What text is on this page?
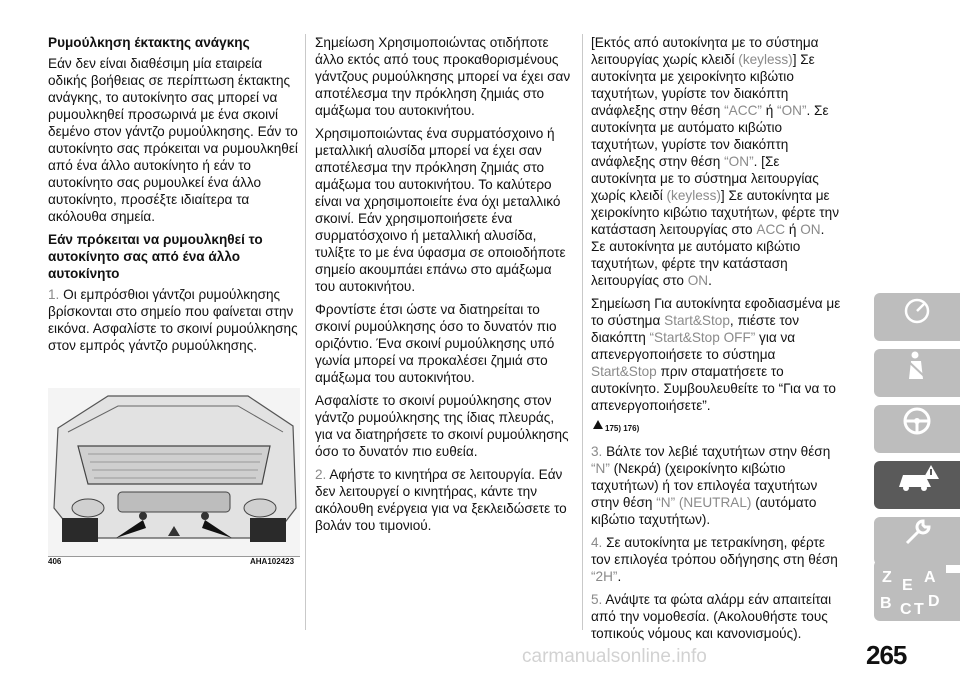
Ρυμούλκηση έκτακτης ανάγκης

Εάν δεν είναι διαθέσιμη μία εταιρεία οδικής βοήθειας σε περίπτωση έκτακτης ανάγκης, το αυτοκίνητο σας μπορεί να ρυμουλκηθεί προσωρινά με ένα σκοινί δεμένο στον γάντζο ρυμούλκησης. Εάν το αυτοκίνητο σας πρόκειται να ρυμουλκηθεί από ένα άλλο αυτοκίνητο ή εάν το αυτοκίνητο σας ρυμουλκεί ένα άλλο αυτοκίνητο, προσέξτε ιδιαίτερα τα ακόλουθα σημεία.

Εάν πρόκειται να ρυμουλκηθεί το αυτοκίνητο σας από ένα άλλο αυτοκίνητο

1. Οι εμπρόσθιοι γάντζοι ρυμούλκησης βρίσκονται στο σημείο που φαίνεται στην εικόνα. Ασφαλίστε το σκοινί ρυμούλκησης στον εμπρός γάντζο ρυμούλκησης.

406	AHA102423

Σημείωση Χρησιμοποιώντας οτιδήποτε άλλο εκτός από τους προκαθορισμένους γάντζους ρυμούλκησης μπορεί να έχει σαν αποτέλεσμα την πρόκληση ζημιάς στο αμάξωμα του αυτοκινήτου.

Χρησιμοποιώντας ένα συρματόσχοινο ή μεταλλική αλυσίδα μπορεί να έχει σαν αποτέλεσμα την πρόκληση ζημιάς στο αμάξωμα του αυτοκινήτου. Το καλύτερο είναι να χρησιμοποιείτε ένα όχι μεταλλικό σκοινί. Εάν χρησιμοποιήσετε ένα συρματόσχοινο ή μεταλλική αλυσίδα, τυλίξτε το με ένα ύφασμα σε οποιοδήποτε σημείο ακουμπάει επάνω στο αμάξωμα του αυτοκινήτου.

Φροντίστε έτσι ώστε να διατηρείται το σκοινί ρυμούλκησης όσο το δυνατόν πιο οριζόντιο. Ένα σκοινί ρυμούλκησης υπό γωνία μπορεί να προκαλέσει ζημιά στο αμάξωμα του αυτοκινήτου.

Ασφαλίστε το σκοινί ρυμούλκησης στον γάντζο ρυμούλκησης της ίδιας πλευράς, για να διατηρήσετε το σκοινί ρυμούλκησης όσο το δυνατόν πιο ευθεία.

2. Αφήστε το κινητήρα σε λειτουργία. Εάν δεν λειτουργεί ο κινητήρας, κάντε την ακόλουθη ενέργεια για να ξεκλειδώσετε το βολάν του τιμονιού.

[Εκτός από αυτοκίνητα με το σύστημα λειτουργίας χωρίς κλειδί (keyless)] Σε αυτοκίνητα με χειροκίνητο κιβώτιο ταχυτήτων, γυρίστε τον διακόπτη ανάφλεξης στην θέση “ACC” ή “ON”. Σε αυτοκίνητα με αυτόματο κιβώτιο ταχυτήτων, γυρίστε τον διακόπτη ανάφλεξης στην θέση “ON”. [Σε αυτοκίνητα με το σύστημα λειτουργίας χωρίς κλειδί (keyless)] Σε αυτοκίνητα με χειροκίνητο κιβώτιο ταχυτήτων, φέρτε την κατάσταση λειτουργίας στο ACC ή ON. Σε αυτοκίνητα με αυτόματο κιβώτιο ταχυτήτων, φέρτε την κατάσταση λειτουργίας στο ON.

Σημείωση Για αυτοκίνητα εφοδιασμένα με το σύστημα Start&Stop, πιέστε τον διακόπτη “Start&Stop OFF” για να απενεργοποιήσετε το σύστημα Start&Stop πριν σταματήσετε το αυτοκίνητο. Συμβουλευθείτε το “Για να το απενεργοποιήσετε”.

175) 176)

3. Βάλτε τον λεβιέ ταχυτήτων στην θέση “N” (Νεκρά) (χειροκίνητο κιβώτιο ταχυτήτων) ή τον επιλογέα ταχυτήτων στην θέση “N” (NEUTRAL) (αυτόματο κιβώτιο ταχυτήτων).

4. Σε αυτοκίνητα με τετρακίνηση, φέρτε τον επιλογέα τρόπου οδήγησης στη θέση “2H”.

5. Ανάψτε τα φώτα αλάρμ εάν απαιτείται από την νομοθεσία. (Ακολουθήστε τους τοπικούς νόμους και κανονισμούς).

Z E A
B C T D
carmanualsonline.info	265
